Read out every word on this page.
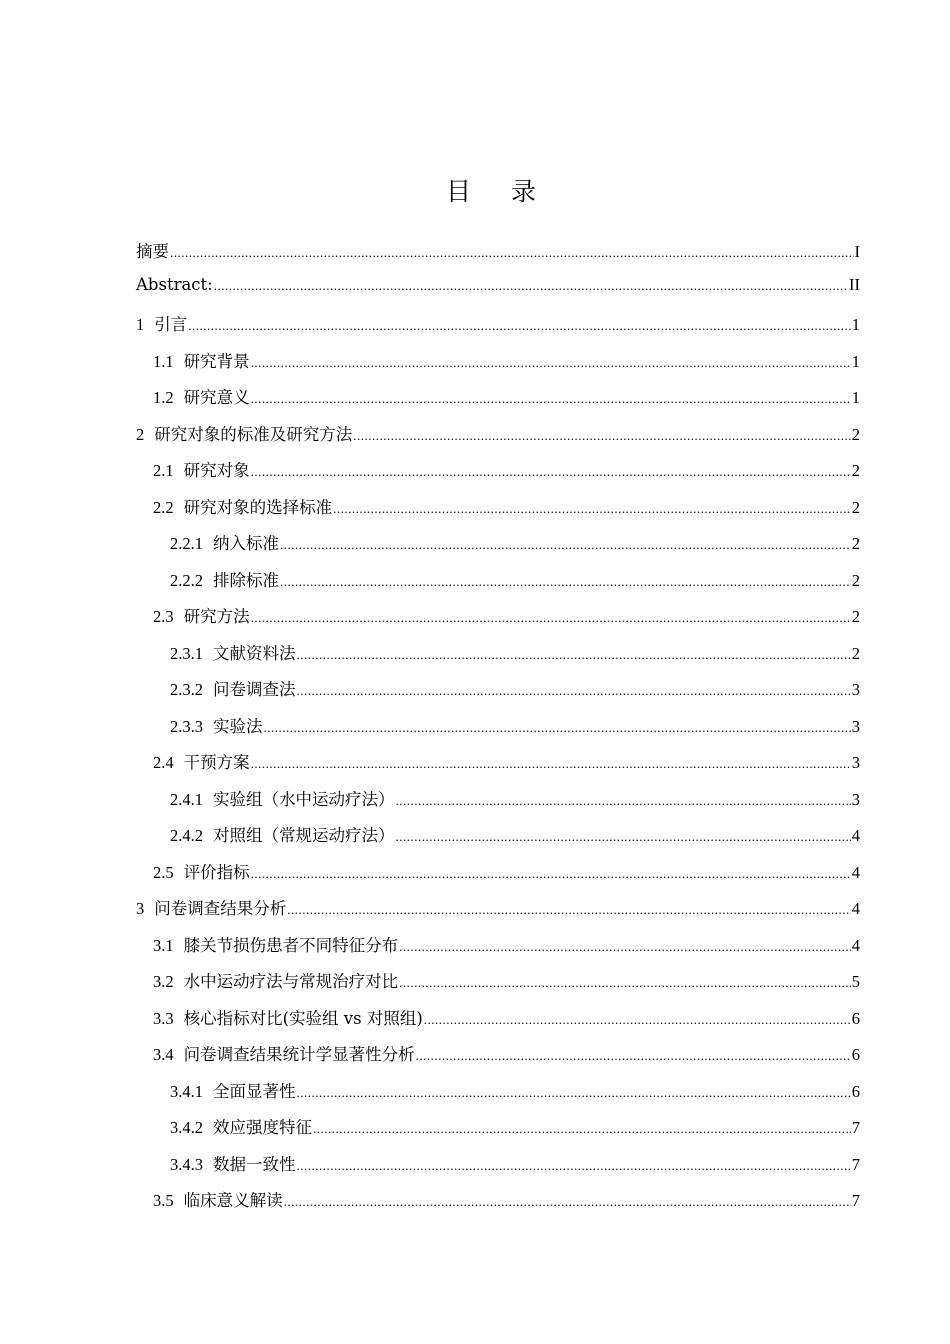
目 录
摘要 .....	I
Abstract: .....	II
1 引言 .....	1
1.1 研究背景 .....	1
1.2 研究意义 .....	1
2 研究对象的标准及研究方法 .....	2
2.1 研究对象 .....	2
2.2 研究对象的选择标准 .....	2
2.2.1 纳入标准 .....	2
2.2.2 排除标准 .....	2
2.3 研究方法 .....	2
2.3.1 文献资料法 .....	2
2.3.2 问卷调查法 .....	3
2.3.3 实验法 .....	3
2.4 干预方案 .....	3
2.4.1 实验组（水中运动疗法） .....	3
2.4.2 对照组（常规运动疗法） .....	4
2.5 评价指标 .....	4
3 问卷调查结果分析 .....	4
3.1 膝关节损伤患者不同特征分布 .....	4
3.2 水中运动疗法与常规治疗对比 .....	5
3.3 核心指标对比(实验组 vs 对照组) .....	6
3.4 问卷调查结果统计学显著性分析 .....	6
3.4.1 全面显著性 .....	6
3.4.2 效应强度特征 .....	7
3.4.3 数据一致性 .....	7
3.5 临床意义解读 .....	7
